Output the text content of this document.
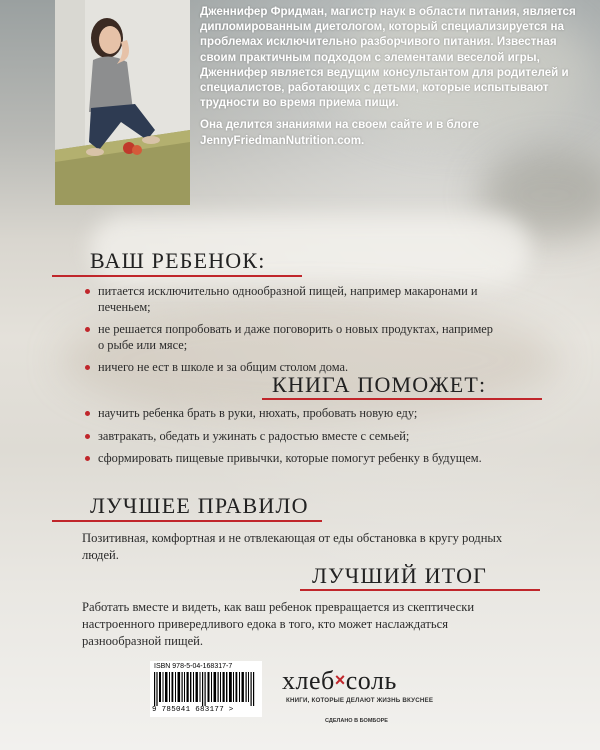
Дженнифер Фридман, магистр наук в области питания, является дипломированным диетологом, который специализируется на проблемах исключительно разборчивого питания. Известная своим практичным подходом с элементами веселой игры, Дженнифер является ведущим консультантом для родителей и специалистов, работающих с детьми, которые испытывают трудности во время приема пищи.

Она делится знаниями на своем сайте и в блоге JennyFriedmanNutrition.com.

ВАШ РЕБЕНОК:
питается исключительно однообразной пищей, например макаронами и печеньем;
не решается попробовать и даже поговорить о новых продуктах, например о рыбе или мясе;
ничего не ест в школе и за общим столом дома.
КНИГА ПОМОЖЕТ:
научить ребенка брать в руки, нюхать, пробовать новую еду;
завтракать, обедать и ужинать с радостью вместе с семьей;
сформировать пищевые привычки, которые помогут ребенку в будущем.
ЛУЧШЕЕ ПРАВИЛО
Позитивная, комфортная и не отвлекающая от еды обстановка в кругу родных людей.
ЛУЧШИЙ ИТОГ
Работать вместе и видеть, как ваш ребенок превращается из скептически настроенного привередливого едока в того, кто может наслаждаться разнообразной пищей.
ISBN 978-5-04-168317-7
9 785041 683177 >
хлеб×соль
КНИГИ, КОТОРЫЕ ДЕЛАЮТ ЖИЗНЬ ВКУСНЕЕ
СДЕЛАНО В БОМБОРЕ
